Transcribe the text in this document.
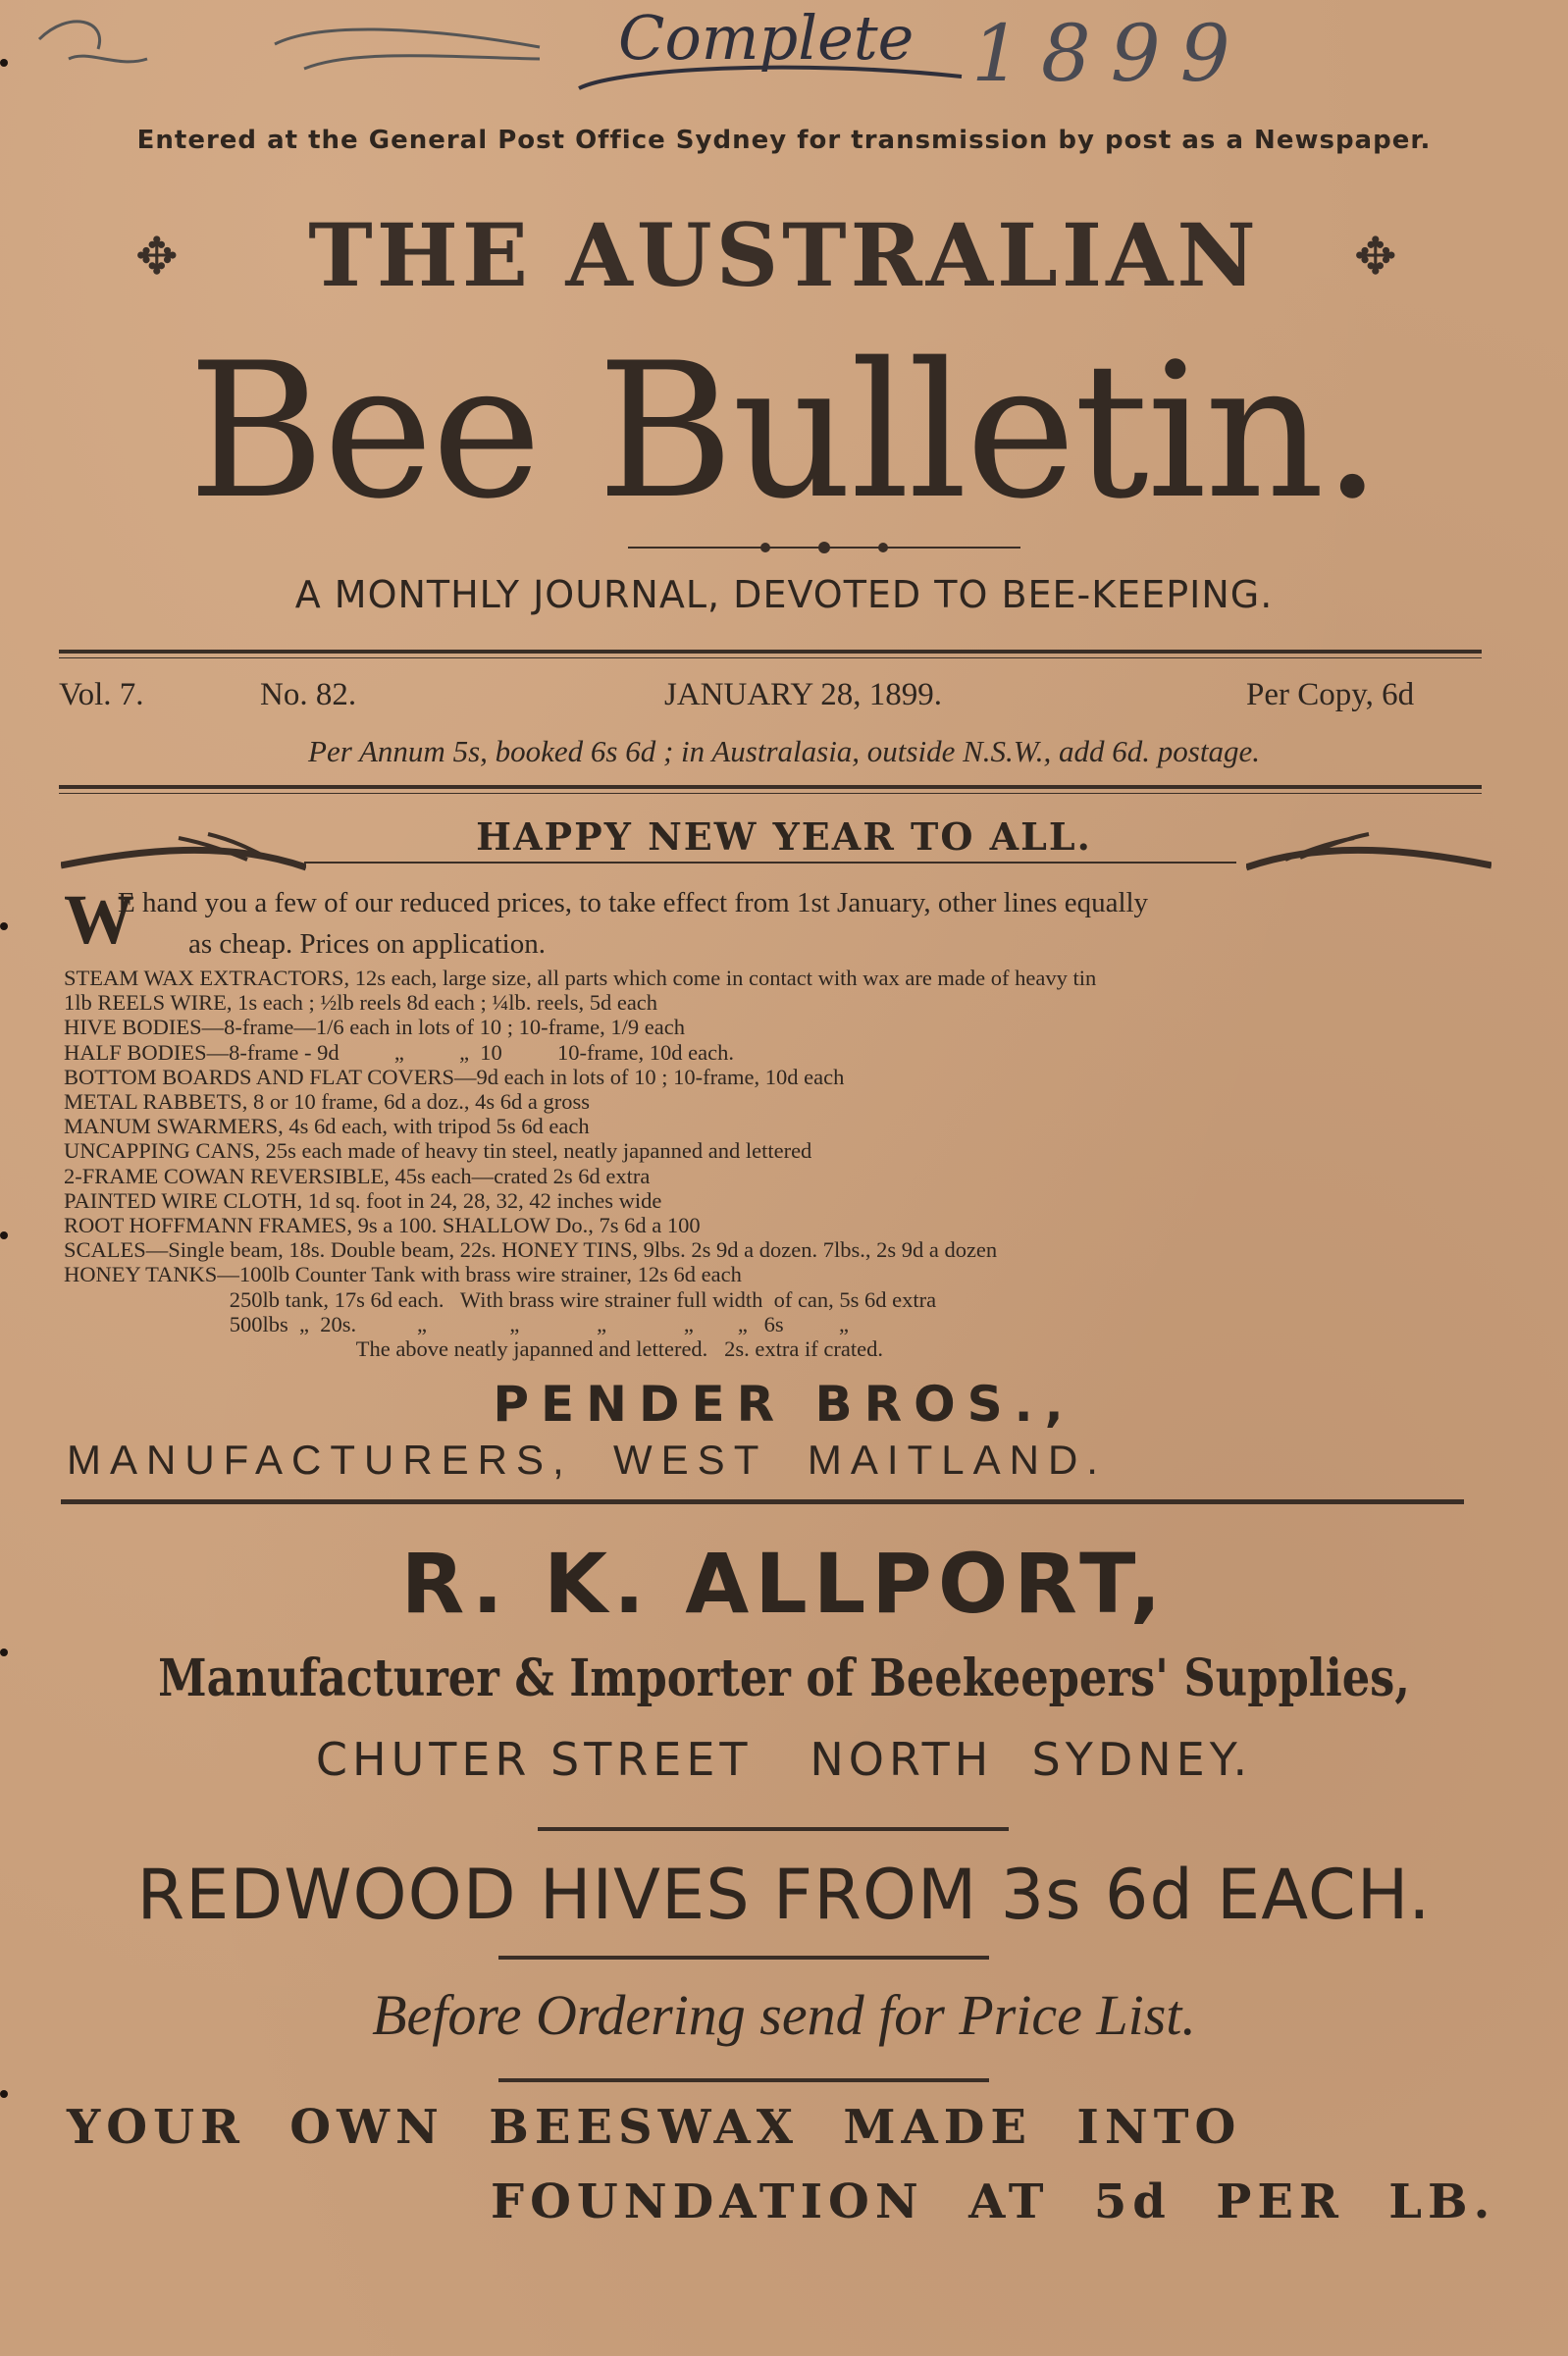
Complete 1899
Entered at the General Post Office Sydney for transmission by post as a Newspaper.
✥	THE AUSTRALIAN	✥
Bee Bulletin.
A MONTHLY JOURNAL, DEVOTED TO BEE-KEEPING.
Vol. 7.	No. 82.	JANUARY 28, 1899.	Per Copy, 6d
Per Annum 5s, booked 6s 6d ; in Australasia, outside N.S.W., add 6d. postage.
HAPPY NEW YEAR TO ALL.
W
E hand you a few of our reduced prices, to take effect from 1st January, other lines equally
as cheap. Prices on application.
STEAM WAX EXTRACTORS, 12s each, large size, all parts which come in contact with wax are made of heavy tin
1lb REELS WIRE, 1s each ; ½lb reels 8d each ; ¼lb. reels, 5d each
HIVE BODIES—8-frame—1/6 each in lots of 10 ; 10-frame, 1/9 each
HALF BODIES—8-frame - 9d          „          „  10          10-frame, 10d each.
BOTTOM BOARDS AND FLAT COVERS—9d each in lots of 10 ; 10-frame, 10d each
METAL RABBETS, 8 or 10 frame, 6d a doz., 4s 6d a gross
MANUM SWARMERS, 4s 6d each, with tripod 5s 6d each
UNCAPPING CANS, 25s each made of heavy tin steel, neatly japanned and lettered
2-FRAME COWAN REVERSIBLE, 45s each—crated 2s 6d extra
PAINTED WIRE CLOTH, 1d sq. foot in 24, 28, 32, 42 inches wide
ROOT HOFFMANN FRAMES, 9s a 100. SHALLOW Do., 7s 6d a 100
SCALES—Single beam, 18s. Double beam, 22s. HONEY TINS, 9lbs. 2s 9d a dozen. 7lbs., 2s 9d a dozen
HONEY TANKS—100lb Counter Tank with brass wire strainer, 12s 6d each
250lb tank, 17s 6d each.   With brass wire strainer full width  of can, 5s 6d extra
500lbs  „  20s.           „               „              „              „        „   6s          „
The above neatly japanned and lettered.   2s. extra if crated.
PENDER BROS.,
MANUFACTURERS,  WEST  MAITLAND.
R. K. ALLPORT,
Manufacturer & Importer of Beekeepers' Supplies,
CHUTER STREET   NORTH  SYDNEY.
REDWOOD HIVES FROM 3s 6d EACH.
Before Ordering send for Price List.
YOUR  OWN  BEESWAX  MADE  INTO
FOUNDATION  AT  5d  PER  LB.
